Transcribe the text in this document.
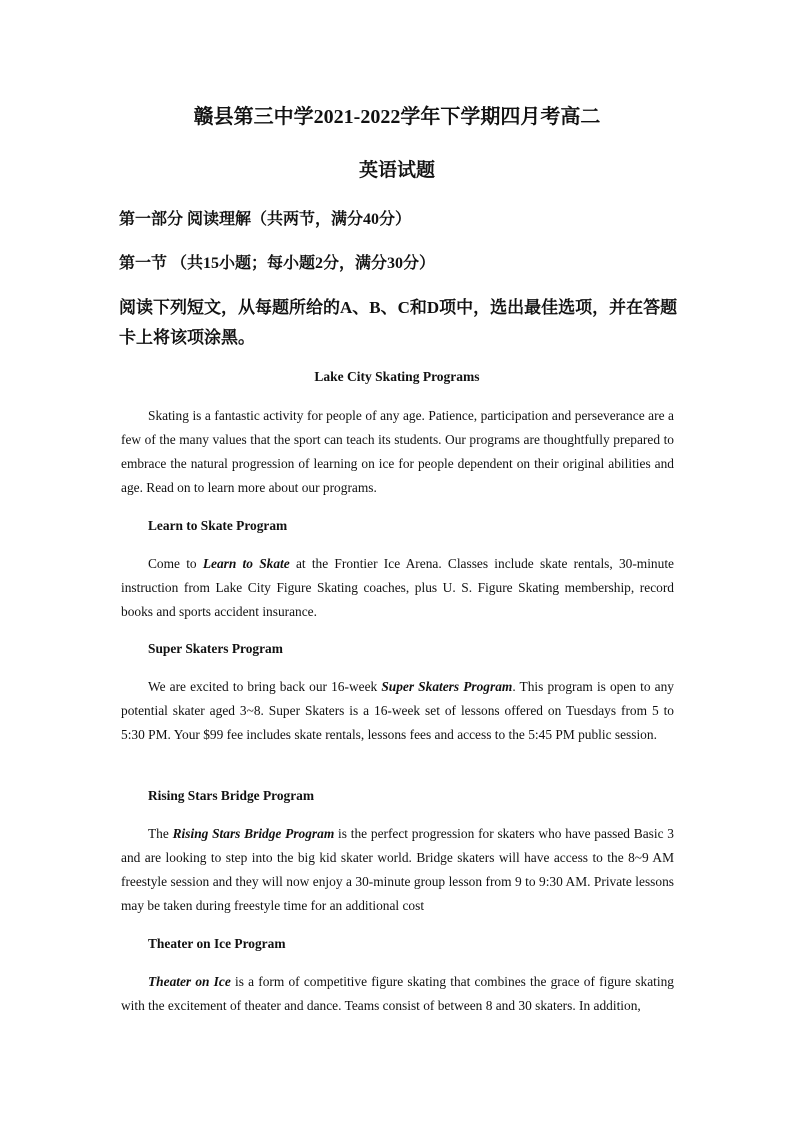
赣县第三中学2021-2022学年下学期四月考高二
英语试题

第一部分 阅读理解（共两节，满分40分）

第一节 （共15小题；每小题2分，满分30分）

阅读下列短文，从每题所给的A、B、C和D项中，选出最佳选项，并在答题卡上将该项涂黑。

Lake City Skating Programs

Skating is a fantastic activity for people of any age. Patience, participation and perseverance are a few of the many values that the sport can teach its students. Our programs are thoughtfully prepared to embrace the natural progression of learning on ice for people dependent on their original abilities and age. Read on to learn more about our programs.

Learn to Skate Program

Come to Learn to Skate at the Frontier Ice Arena. Classes include skate rentals, 30-minute instruction from Lake City Figure Skating coaches, plus U. S. Figure Skating membership, record books and sports accident insurance.

Super Skaters Program

We are excited to bring back our 16-week Super Skaters Program. This program is open to any potential skater aged 3~8. Super Skaters is a 16-week set of lessons offered on Tuesdays from 5 to 5:30 PM. Your $99 fee includes skate rentals, lessons fees and access to the 5:45 PM public session.

Rising Stars Bridge Program

The Rising Stars Bridge Program is the perfect progression for skaters who have passed Basic 3 and are looking to step into the big kid skater world. Bridge skaters will have access to the 8~9 AM freestyle session and they will now enjoy a 30-minute group lesson from 9 to 9:30 AM. Private lessons may be taken during freestyle time for an additional cost

Theater on Ice Program

Theater on Ice is a form of competitive figure skating that combines the grace of figure skating with the excitement of theater and dance. Teams consist of between 8 and 30 skaters. In addition,
